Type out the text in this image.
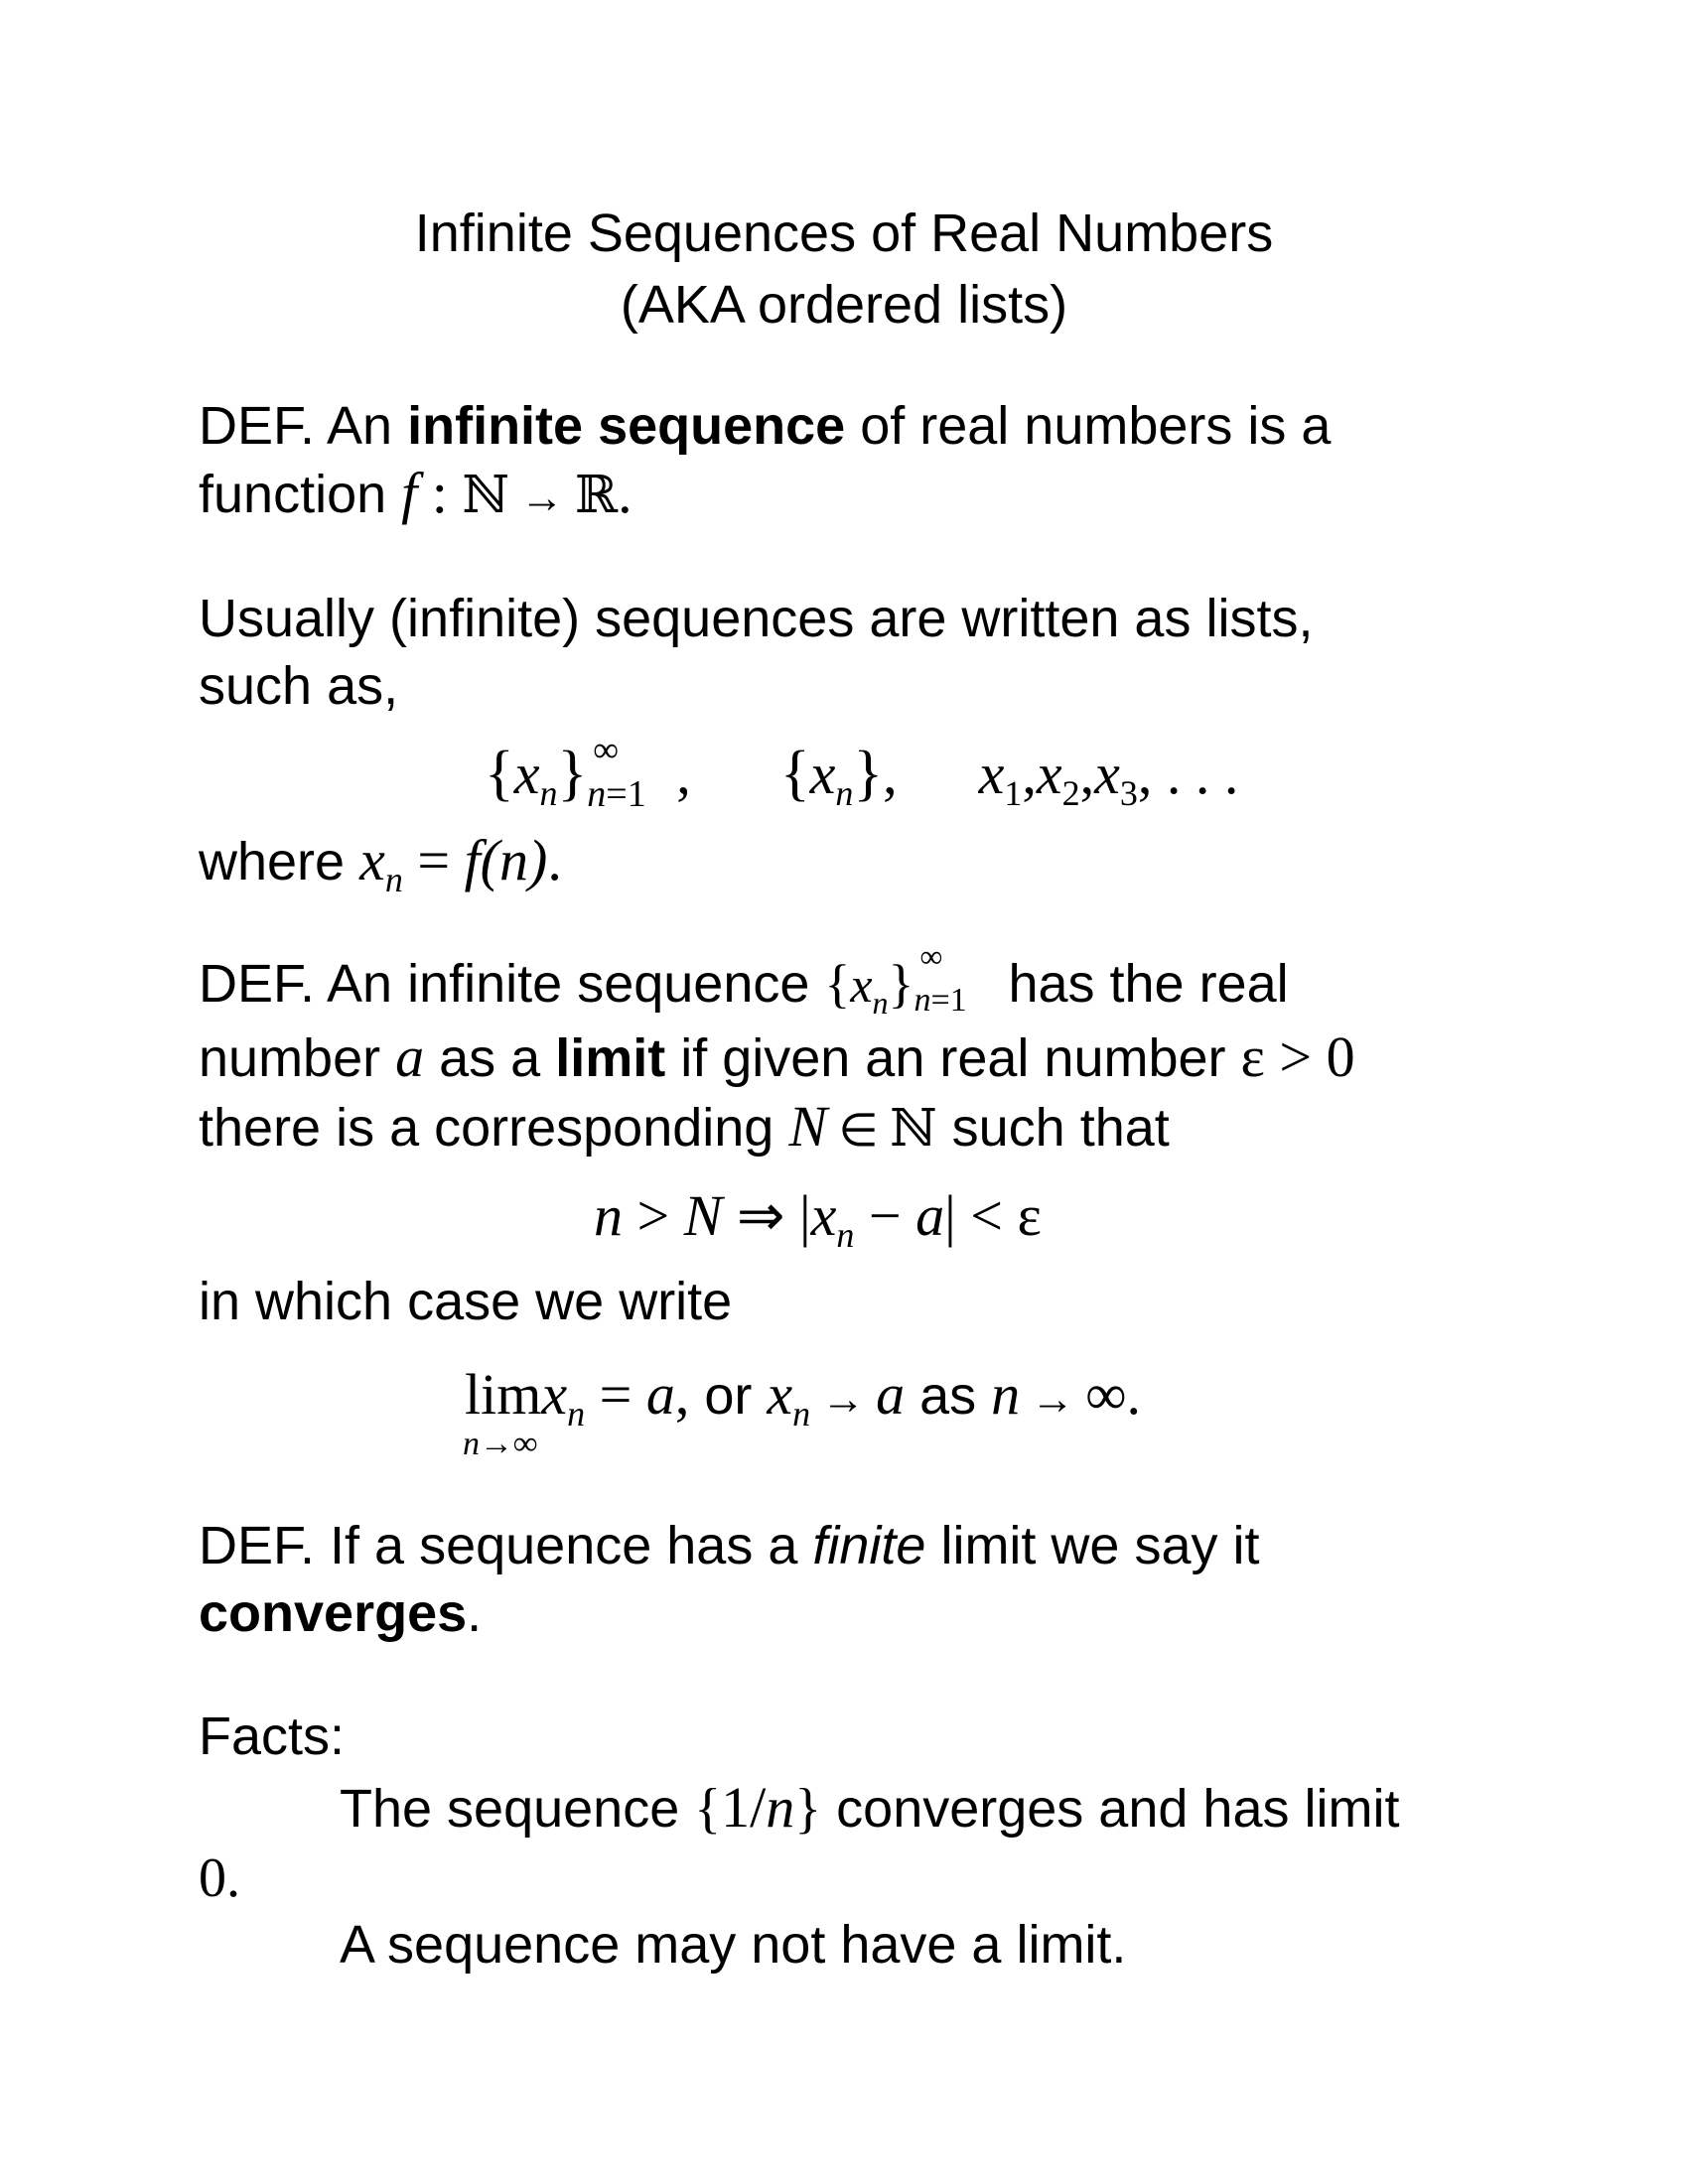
Infinite Sequences of Real Numbers
(AKA ordered lists)
DEF. An infinite sequence of real numbers is a
function f : ℕ → ℝ.
Usually (infinite) sequences are written as lists,
such as,
$\{x_n\}$ ∞
n=1 , $\{x_n\}$, $x_1,x_2,x_3$, . . .
where $x_n = f(n)$.
DEF. An infinite sequence $\{x_n\}$ ∞
n=1 has the real
number a as a limit if given an real number ε > 0
there is a corresponding N ∈ ℕ such that
n > N ⇒ $|x_n - a| < \varepsilon$
in which case we write
lim
n→∞
$x_n = a$, or $x_n \to a$ as n → ∞.
DEF. If a sequence has a finite limit we say it
converges.
Facts:
The sequence {1/n} converges and has limit
0.
A sequence may not have a limit.
